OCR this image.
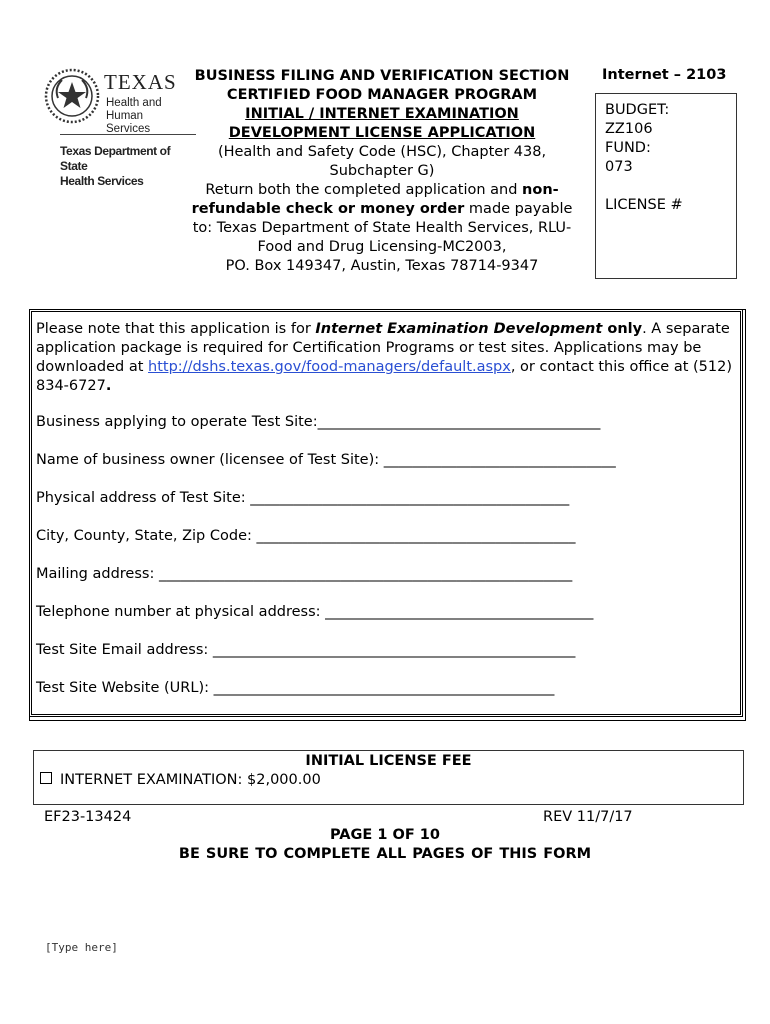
TEXAS
Health and Human
Services
Texas Department of State
Health Services
BUSINESS FILING AND VERIFICATION SECTION
CERTIFIED FOOD MANAGER PROGRAM
INITIAL / INTERNET EXAMINATION
DEVELOPMENT LICENSE APPLICATION
(Health and Safety Code (HSC), Chapter 438,
Subchapter G)
Return both the completed application and non-
refundable check or money order made payable
to: Texas Department of State Health Services, RLU-
Food and Drug Licensing-MC2003,
PO. Box 149347, Austin, Texas 78714-9347
Internet – 2103
BUDGET:
ZZ106
FUND:
073
LICENSE #
Please note that this application is for Internet Examination Development only. A separate application package is required for Certification Programs or test sites. Applications may be downloaded at http://dshs.texas.gov/food-managers/default.aspx, or contact this office at (512) 834-6727.
Business applying to operate Test Site:_______________________________________
Name of business owner (licensee of Test Site): ________________________________
Physical address of Test Site: ____________________________________________
City, County, State, Zip Code: ____________________________________________
Mailing address: _________________________________________________________
Telephone number at physical address: _____________________________________
Test Site Email address: __________________________________________________
Test Site Website (URL): _______________________________________________
INITIAL LICENSE FEE
INTERNET EXAMINATION: $2,000.00
EF23-13424	REV 11/7/17
PAGE 1 OF 10
BE SURE TO COMPLETE ALL PAGES OF THIS FORM
[Type here]
